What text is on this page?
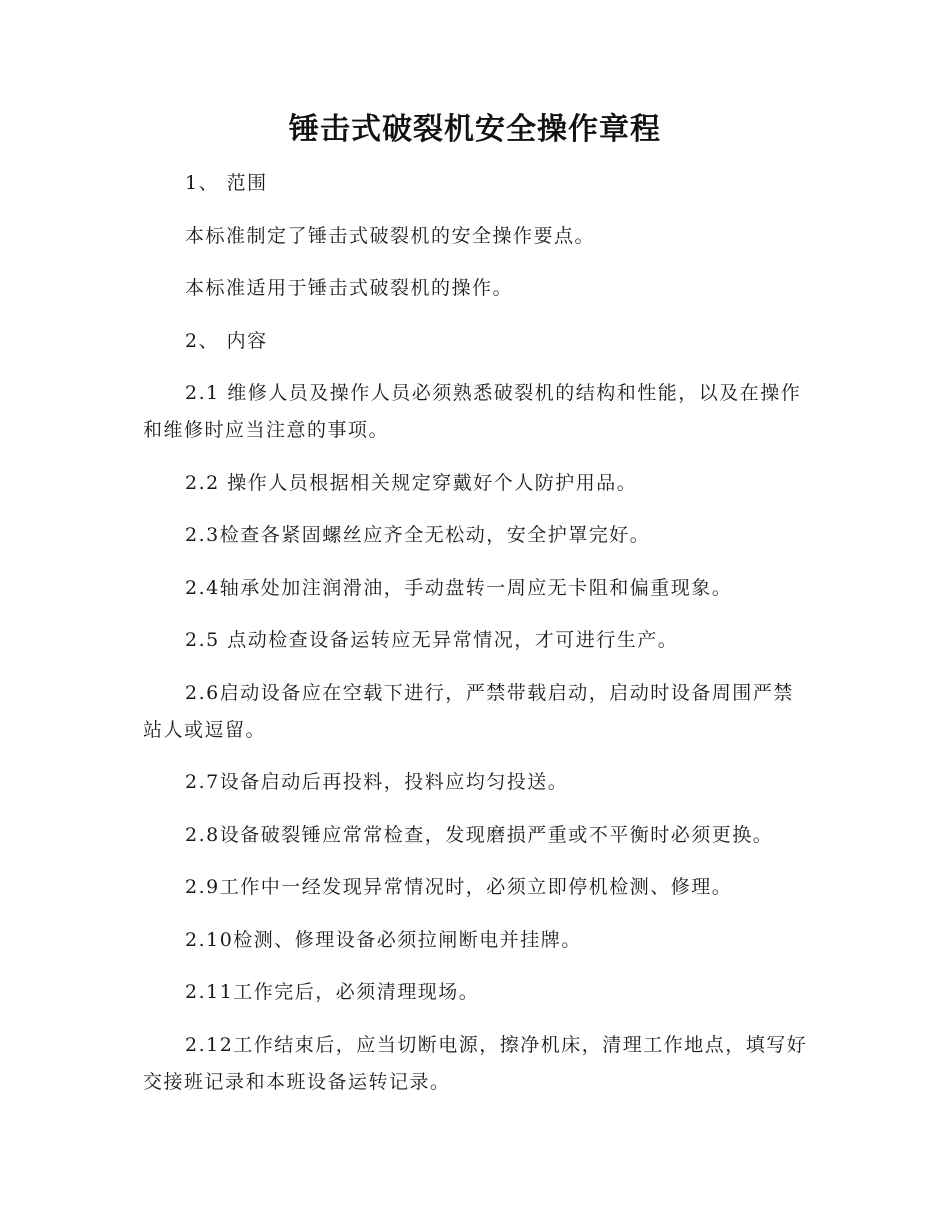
锤击式破裂机安全操作章程

1、 范围

本标准制定了锤击式破裂机的安全操作要点。

本标准适用于锤击式破裂机的操作。

2、 内容

2.1 维修人员及操作人员必须熟悉破裂机的结构和性能，以及在操作和维修时应当注意的事项。

2.2 操作人员根据相关规定穿戴好个人防护用品。

2.3检查各紧固螺丝应齐全无松动，安全护罩完好。

2.4轴承处加注润滑油，手动盘转一周应无卡阻和偏重现象。

2.5 点动检查设备运转应无异常情况，才可进行生产。

2.6启动设备应在空载下进行，严禁带载启动，启动时设备周围严禁站人或逗留。

2.7设备启动后再投料，投料应均匀投送。

2.8设备破裂锤应常常检查，发现磨损严重或不平衡时必须更换。

2.9工作中一经发现异常情况时，必须立即停机检测、修理。

2.10检测、修理设备必须拉闸断电并挂牌。

2.11工作完后，必须清理现场。

2.12工作结束后，应当切断电源，擦净机床，清理工作地点，填写好交接班记录和本班设备运转记录。
